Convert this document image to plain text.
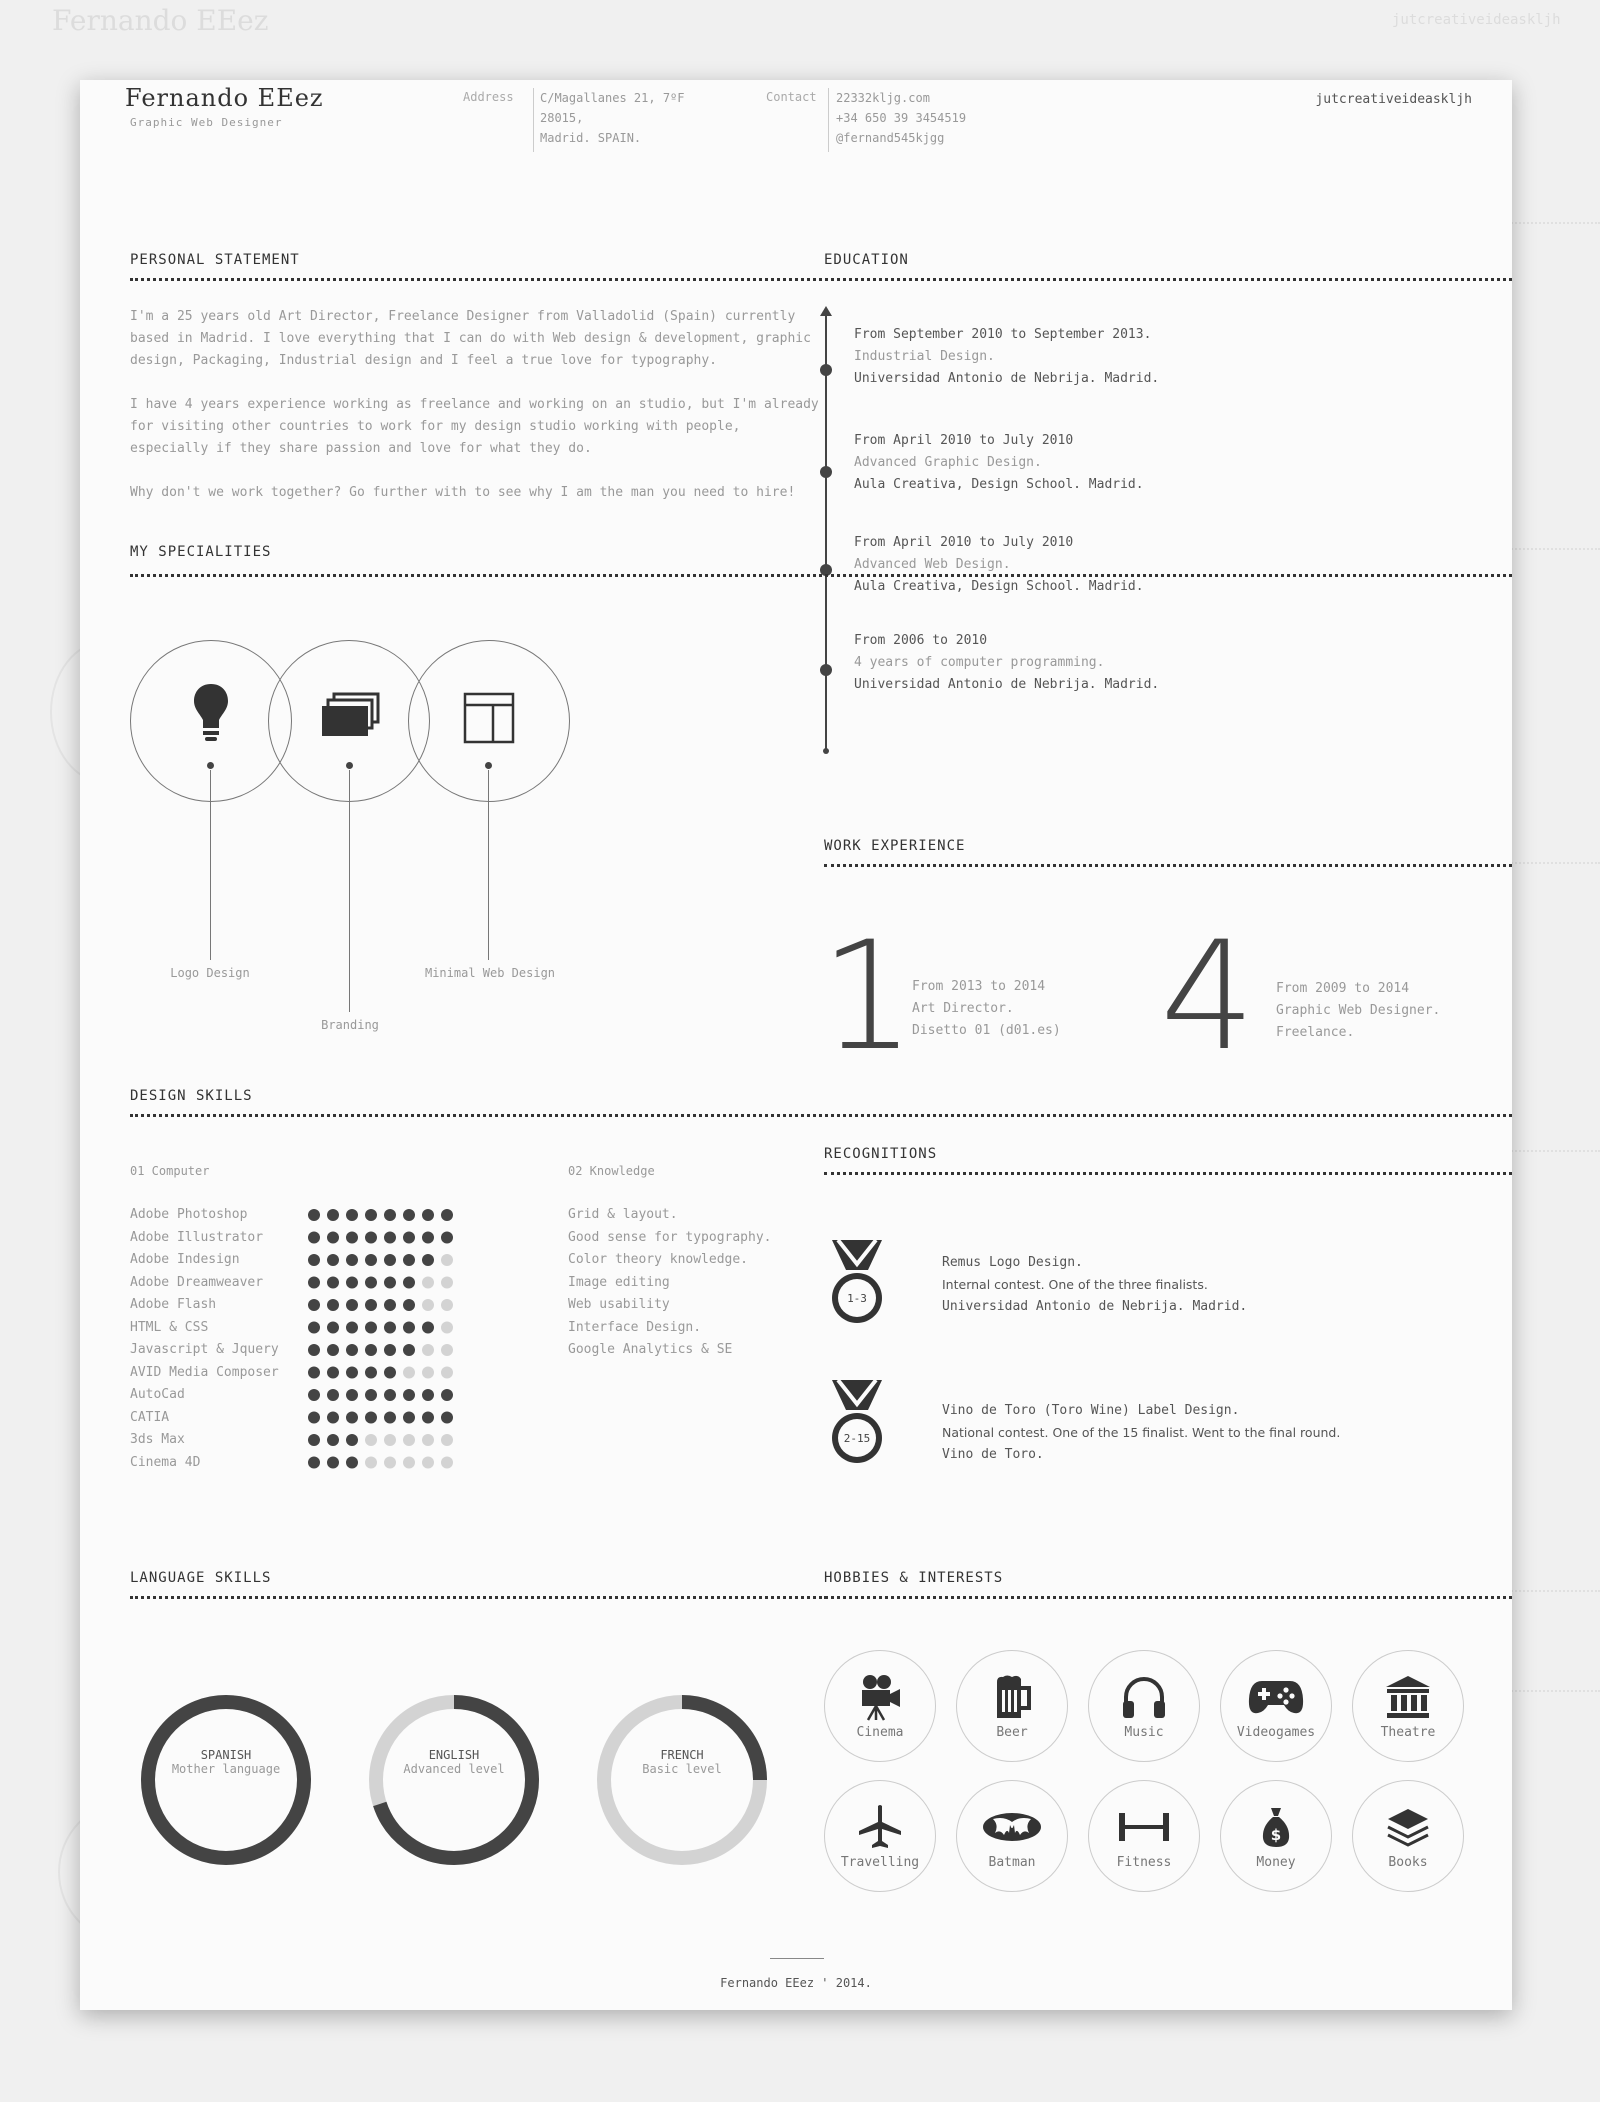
Fernando EEez	jutcreativeideaskljh
Fernando EEez
Graphic Web Designer
Address C/Magallanes 21, 7ºF
28015,
Madrid. SPAIN.
Contact 22332kljg.com
+34 650 39 3454519
@fernand545kjgg
jutcreativeideaskljh
PERSONAL STATEMENT

I'm a 25 years old Art Director, Freelance Designer from Valladolid (Spain) currently based in Madrid. I love everything that I can do with Web design & development, graphic design, Packaging, Industrial design and I feel a true love for typography.

I have 4 years experience working as freelance and working on an studio, but I'm already for visiting other countries to work for my design studio working with people, especially if they share passion and love for what they do.

Why don't we work together? Go further with to see why I am the man you need to hire!

EDUCATION
From September 2010 to September 2013.
Industrial Design.
Universidad Antonio de Nebrija. Madrid.
From April 2010 to July 2010
Advanced Graphic Design.
Aula Creativa, Design School. Madrid.
From April 2010 to July 2010
Advanced Web Design.
Aula Creativa, Design School. Madrid.
From 2006 to 2010
4 years of computer programming.
Universidad Antonio de Nebrija. Madrid.
MY SPECIALITIES
Logo Design
Branding
Minimal Web Design
WORK EXPERIENCE
1
From 2013 to 2014
Art Director.
Disetto 01 (d01.es) 4 From 2009 to 2014
Graphic Web Designer.
Freelance.
DESIGN SKILLS
01 Computer
Adobe Photoshop
Adobe Illustrator
Adobe Indesign
Adobe Dreamweaver
Adobe Flash
HTML & CSS
Javascript & Jquery
AVID Media Composer
AutoCad
CATIA
3ds Max
Cinema 4D
02 Knowledge
Grid & layout.
Good sense for typography.
Color theory knowledge.
Image editing
Web usability
Interface Design.
Google Analytics & SE
RECOGNITIONS
1-3
Remus Logo Design.
Internal contest. One of the three finalists.
Universidad Antonio de Nebrija. Madrid.
2-15
Vino de Toro (Toro Wine) Label Design.
National contest. One of the 15 finalist. Went to the final round.
Vino de Toro.
LANGUAGE SKILLS
SPANISH
Mother language
ENGLISH
Advanced level
FRENCH
Basic level
HOBBIES & INTERESTS
Cinema	Beer	Music	Videogames	Theatre
Travelling	Batman	Fitness
$
Money	Books
Fernando EEez ' 2014.
